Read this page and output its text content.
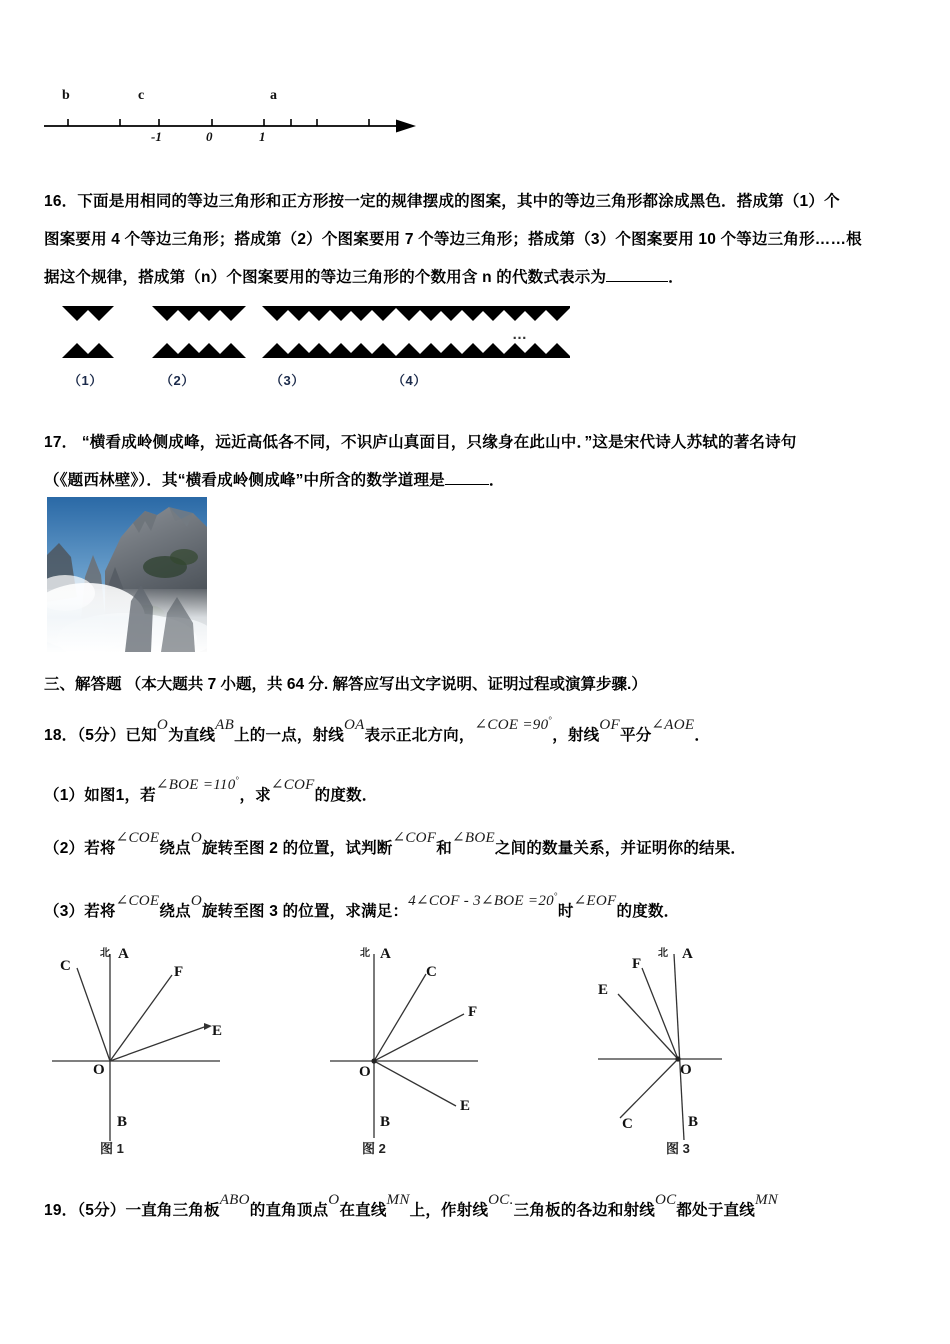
b	c	a
-1	0	1
16．下面是用相同的等边三角形和正方形按一定的规律摆成的图案，其中的等边三角形都涂成黑色．搭成第（1）个
图案要用 4 个等边三角形；搭成第（2）个图案要用 7 个等边三角形；搭成第（3）个图案要用 10 个等边三角形……根
据这个规律，搭成第（n）个图案要用的等边三角形的个数用含 n 的代数式表示为	．
…
（1）	（2）	（3）	（4）
17． “横看成岭侧成峰，远近高低各不同，不识庐山真面目，只缘身在此山中．”这是宋代诗人苏轼的著名诗句
（《题西林壁》）．其“横看成岭侧成峰”中所含的数学道理是	．
三、解答题 （本大题共 7 小题，共 64 分. 解答应写出文字说明、证明过程或演算步骤.）
18．（5分）已知O为直线AB上的一点，射线OA表示正北方向，∠COE =90°，射线OF平分∠AOE．
（1）如图1，若∠BOE =110°，求∠COF的度数．
（2）若将∠COE绕点O旋转至图 2 的位置，试判断∠COF和∠BOE之间的数量关系，并证明你的结果．
（3）若将∠COE绕点O旋转至图 3 的位置，求满足：4∠COF - 3∠BOE =20°时∠EOF的度数．
北 A
B
C
E
F
O
图 1
北 A
B
C
E
F
O
图 2
北 A
B
C
E
F
O
图 3
19．（5分）一直角三角板ABO的直角顶点O在直线MN上，作射线OC.三角板的各边和射线OC都处于直线MN
